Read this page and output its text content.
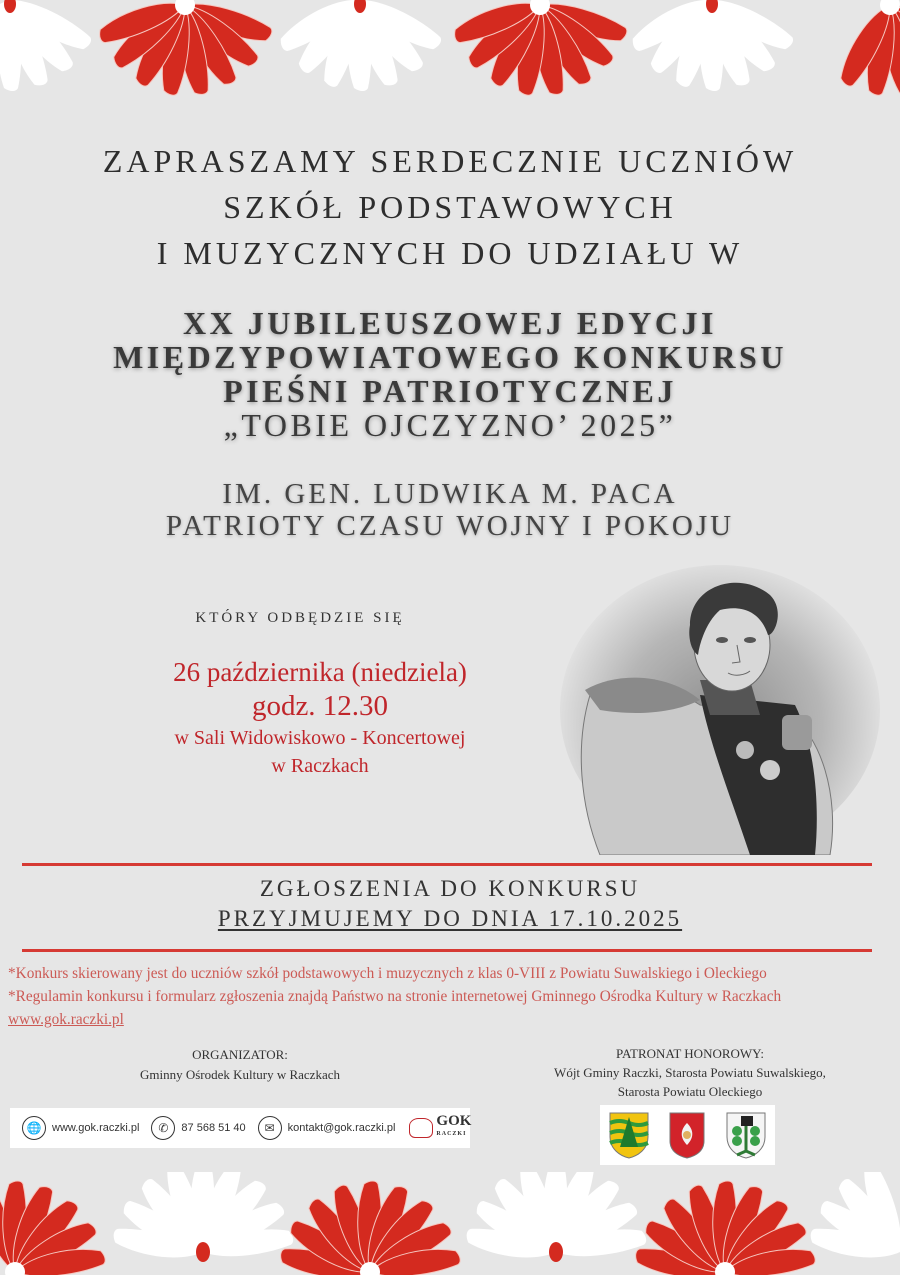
ZAPRASZAMY SERDECZNIE UCZNIÓW
SZKÓŁ PODSTAWOWYCH
I MUZYCZNYCH DO UDZIAŁU W
XX JUBILEUSZOWEJ EDYCJI
MIĘDZYPOWIATOWEGO KONKURSU
PIEŚNI PATRIOTYCZNEJ
„TOBIE OJCZYZNO’ 2025”
IM. GEN. LUDWIKA M. PACA
PATRIOTY CZASU WOJNY I POKOJU
KTÓRY ODBĘDZIE SIĘ
26 października (niedziela)
godz. 12.30
w Sali Widowiskowo - Koncertowej
w Raczkach
ZGŁOSZENIA DO KONKURSU
PRZYJMUJEMY DO DNIA 17.10.2025
*Konkurs skierowany jest do uczniów szkół podstawowych i muzycznych z klas 0-VIII z Powiatu Suwalskiego i Oleckiego
*Regulamin konkursu i formularz zgłoszenia znajdą Państwo na stronie internetowej Gminnego Ośrodka Kultury w Raczkach www.gok.raczki.pl
ORGANIZATOR:
Gminny Ośrodek Kultury w Raczkach
PATRONAT HONOROWY:
Wójt Gminy Raczki, Starosta Powiatu Suwalskiego,
Starosta Powiatu Oleckiego
🌐 www.gok.raczki.pl	✆	87 568 51 40	✉	kontakt@gok.raczki.pl	GOK
RACZKI
